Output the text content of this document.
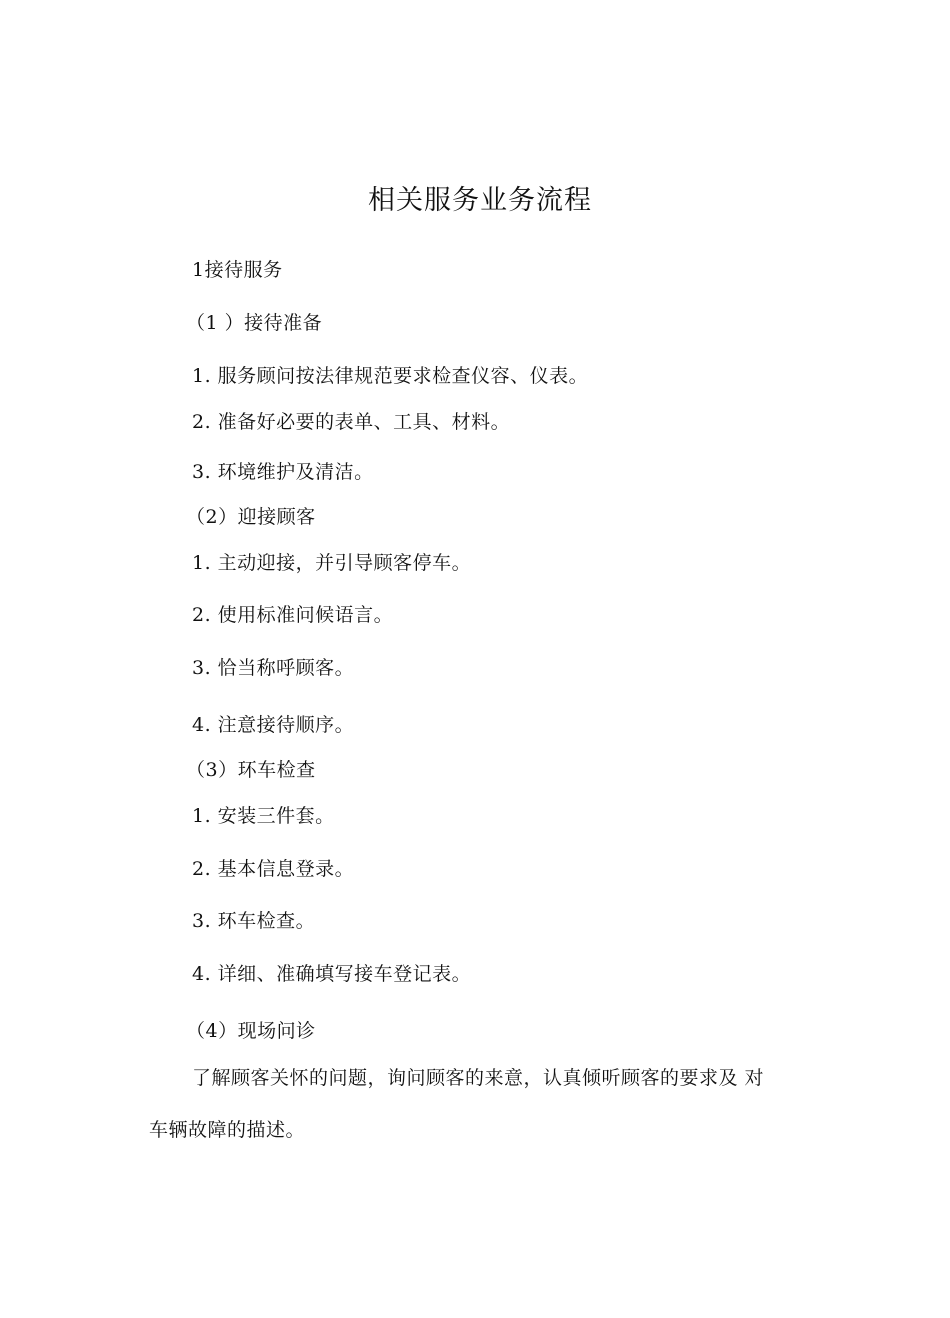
相关服务业务流程
1接待服务
（1 ）接待准备
1. 服务顾问按法律规范要求检查仪容、仪表。
2. 准备好必要的表单、工具、材料。
3. 环境维护及清洁。
（2）迎接顾客
1. 主动迎接，并引导顾客停车。
2. 使用标准问候语言。
3. 恰当称呼顾客。
4. 注意接待顺序。
（3）环车检查
1. 安装三件套。
2. 基本信息登录。
3. 环车检查。
4. 详细、准确填写接车登记表。
（4）现场问诊
了解顾客关怀的问题，询问顾客的来意，认真倾听顾客的要求及 对
车辆故障的描述。
